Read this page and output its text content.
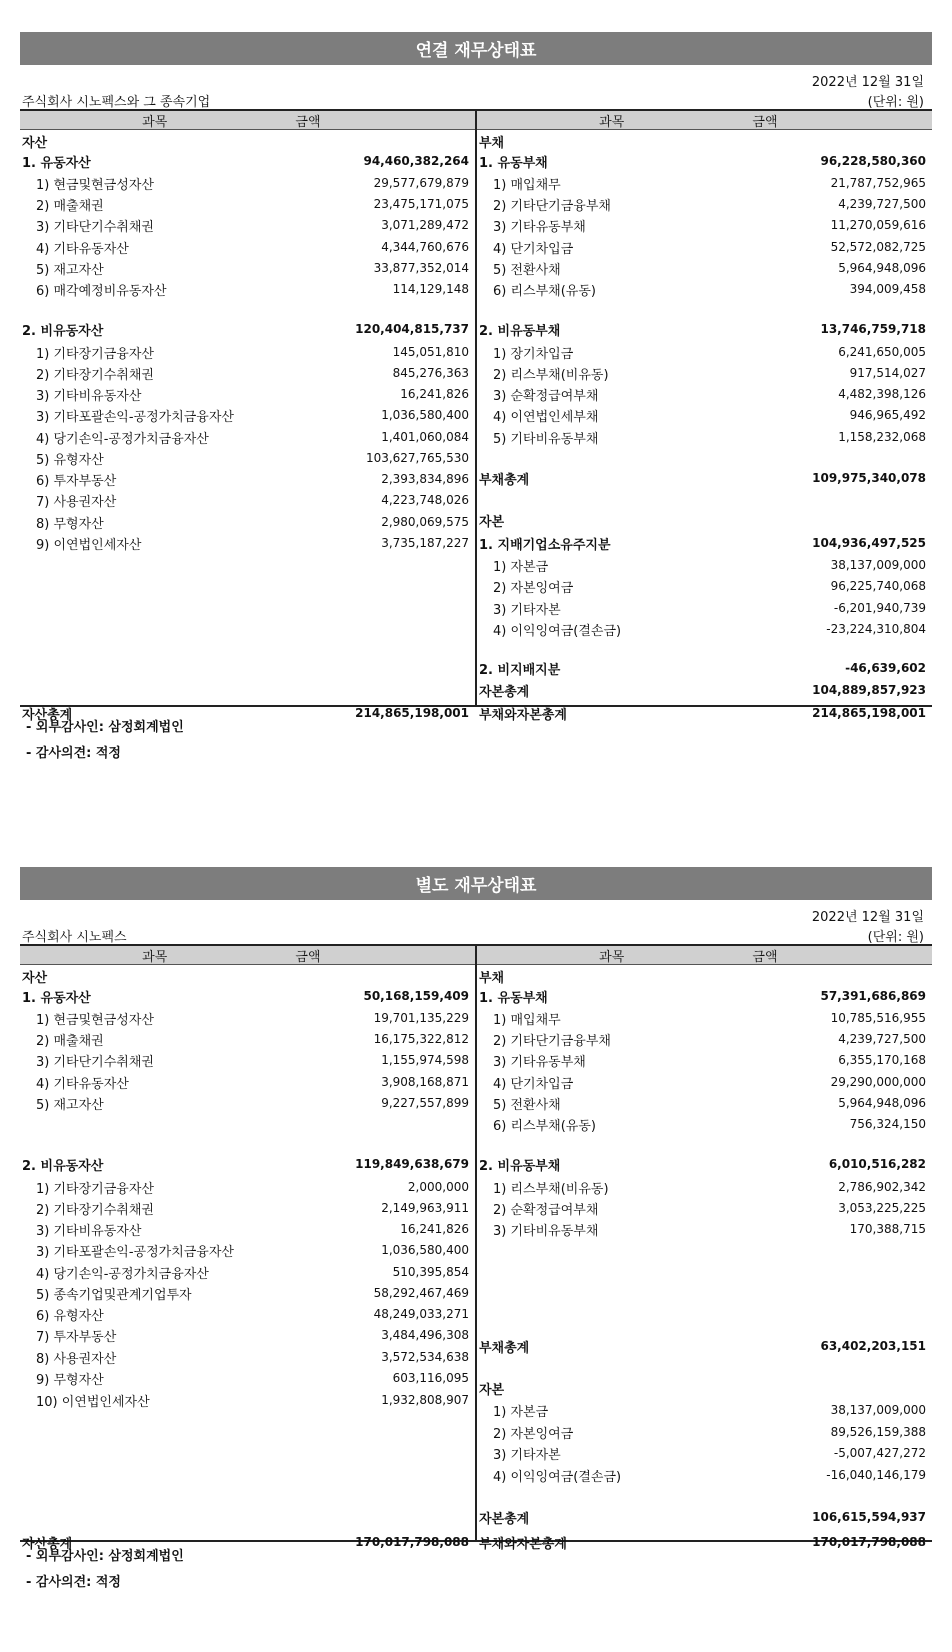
연결 재무상태표
2022년 12월 31일
주식회사 시노펙스와 그 종속기업	(단위: 원)
과목	금액
자산
1. 유동자산	94,460,382,264
1) 현금및현금성자산	29,577,679,879
2) 매출채권	23,475,171,075
3) 기타단기수취채권	3,071,289,472
4) 기타유동자산	4,344,760,676
5) 재고자산	33,877,352,014
6) 매각예정비유동자산	114,129,148
2. 비유동자산	120,404,815,737
1) 기타장기금융자산	145,051,810
2) 기타장기수취채권	845,276,363
3) 기타비유동자산	16,241,826
3) 기타포괄손익-공정가치금융자산	1,036,580,400
4) 당기손익-공정가치금융자산	1,401,060,084
5) 유형자산	103,627,765,530
6) 투자부동산	2,393,834,896
7) 사용권자산	4,223,748,026
8) 무형자산	2,980,069,575
9) 이연법인세자산	3,735,187,227
자산총계	214,865,198,001
과목	금액
부채
1. 유동부채	96,228,580,360
1) 매입채무	21,787,752,965
2) 기타단기금융부채	4,239,727,500
3) 기타유동부채	11,270,059,616
4) 단기차입금	52,572,082,725
5) 전환사채	5,964,948,096
6) 리스부채(유동)	394,009,458
2. 비유동부채	13,746,759,718
1) 장기차입금	6,241,650,005
2) 리스부채(비유동)	917,514,027
3) 순확정급여부채	4,482,398,126
4) 이연법인세부채	946,965,492
5) 기타비유동부채	1,158,232,068
부채총계	109,975,340,078
자본
1. 지배기업소유주지분	104,936,497,525
1) 자본금	38,137,009,000
2) 자본잉여금	96,225,740,068
3) 기타자본	-6,201,940,739
4) 이익잉여금(결손금)	-23,224,310,804
2. 비지배지분	-46,639,602
자본총계	104,889,857,923
부채와자본총계	214,865,198,001
- 외부감사인: 삼정회계법인
- 감사의견: 적정
별도 재무상태표
2022년 12월 31일
주식회사 시노펙스	(단위: 원)
과목	금액
자산
1. 유동자산	50,168,159,409
1) 현금및현금성자산	19,701,135,229
2) 매출채권	16,175,322,812
3) 기타단기수취채권	1,155,974,598
4) 기타유동자산	3,908,168,871
5) 재고자산	9,227,557,899
2. 비유동자산	119,849,638,679
1) 기타장기금융자산	2,000,000
2) 기타장기수취채권	2,149,963,911
3) 기타비유동자산	16,241,826
3) 기타포괄손익-공정가치금융자산	1,036,580,400
4) 당기손익-공정가치금융자산	510,395,854
5) 종속기업및관계기업투자	58,292,467,469
6) 유형자산	48,249,033,271
7) 투자부동산	3,484,496,308
8) 사용권자산	3,572,534,638
9) 무형자산	603,116,095
10) 이연법인세자산	1,932,808,907
자산총계	170,017,798,088
과목	금액
부채
1. 유동부채	57,391,686,869
1) 매입채무	10,785,516,955
2) 기타단기금융부채	4,239,727,500
3) 기타유동부채	6,355,170,168
4) 단기차입금	29,290,000,000
5) 전환사채	5,964,948,096
6) 리스부채(유동)	756,324,150
2. 비유동부채	6,010,516,282
1) 리스부채(비유동)	2,786,902,342
2) 순확정급여부채	3,053,225,225
3) 기타비유동부채	170,388,715
부채총계	63,402,203,151
자본
1) 자본금	38,137,009,000
2) 자본잉여금	89,526,159,388
3) 기타자본	-5,007,427,272
4) 이익잉여금(결손금)	-16,040,146,179
자본총계	106,615,594,937
부채와자본총계	170,017,798,088
- 외부감사인: 삼정회계법인
- 감사의견: 적정
